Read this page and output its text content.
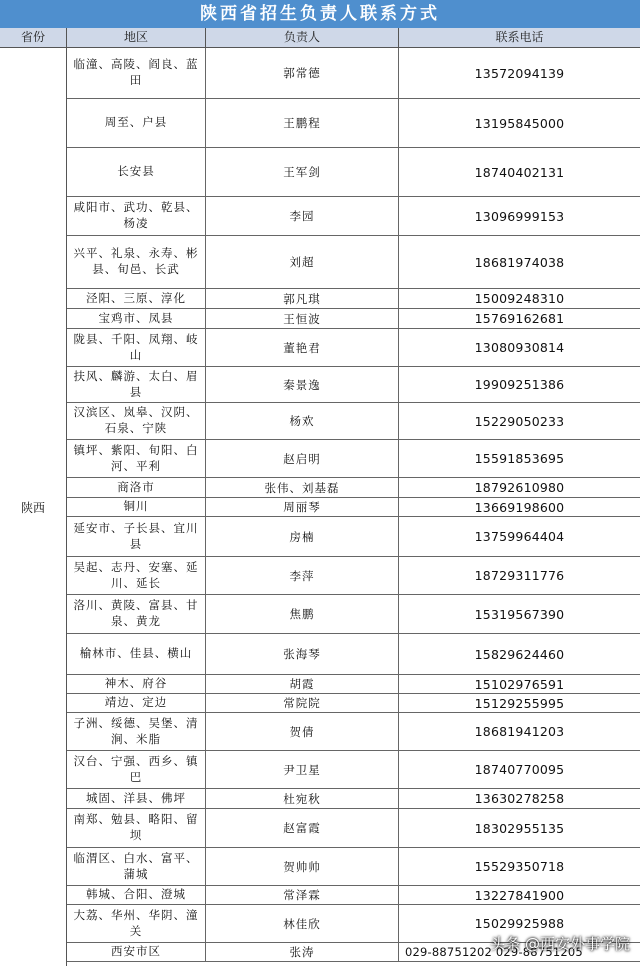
陕西省招生负责人联系方式
省份	地区	负责人	联系电话
陕西
临潼、高陵、阎良、蓝田	郭常德	13572094139
周至、户县	王鹏程	13195845000
长安县	王军剑	18740402131
咸阳市、武功、乾县、杨凌	李园	13096999153
兴平、礼泉、永寿、彬县、旬邑、长武	刘超	18681974038
泾阳、三原、淳化	郭凡琪	15009248310
宝鸡市、凤县	王恒波	15769162681
陇县、千阳、凤翔、岐山	董艳君	13080930814
扶风、麟游、太白、眉县	秦景逸	19909251386
汉滨区、岚皋、汉阴、石泉、宁陕	杨欢	15229050233
镇坪、紫阳、旬阳、白河、平利	赵启明	15591853695
商洛市	张伟、刘基磊	18792610980
铜川	周丽琴	13669198600
延安市、子长县、宜川县	房楠	13759964404
吴起、志丹、安塞、延川、延长	李萍	18729311776
洛川、黄陵、富县、甘泉、黄龙	焦鹏	15319567390
榆林市、佳县、横山	张海琴	15829624460
神木、府谷	胡霞	15102976591
靖边、定边	常院院	15129255995
子洲、绥德、吴堡、清涧、米脂	贺倩	18681941203
汉台、宁强、西乡、镇巴	尹卫星	18740770095
城固、洋县、佛坪	杜宛秋	13630278258
南郑、勉县、略阳、留坝	赵富霞	18302955135
临渭区、白水、富平、蒲城	贺帅帅	15529350718
韩城、合阳、澄城	常泽霖	13227841900
大荔、华州、华阴、潼关	林佳欣	15029925988
西安市区	张涛	029-88751202 029-88751205
头条 @西安外事学院
